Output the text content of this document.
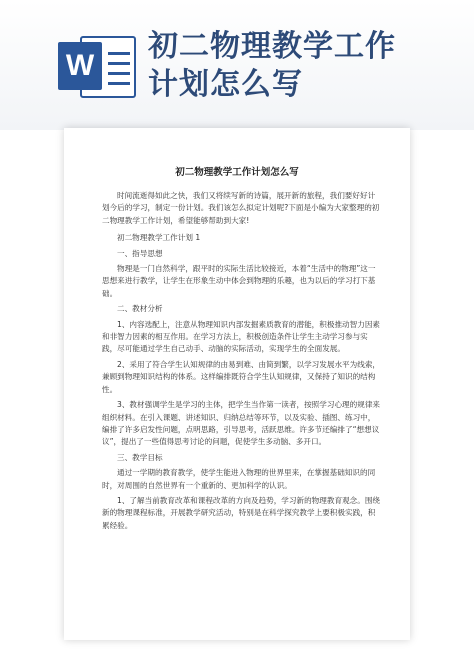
W
初二物理教学工作
计划怎么写
初二物理教学工作计划怎么写

时间流逝得如此之快，我们又将续写新的诗篇，展开新的旅程，我们要好好计划今后的学习，制定一份计划。我们该怎么拟定计划呢?下面是小编为大家整理的初二物理教学工作计划，希望能够帮助到大家!

初二物理教学工作计划 1

一、指导思想

物理是一门自然科学，跟平时的实际生活比较接近，本着“生活中的物理”这一思想来进行教学，让学生在形象生动中体会到物理的乐趣，也为以后的学习打下基础。

二、教材分析

1、内容选配上，注意从物理知识内部发掘素质教育的潜能，积极推动智力因素和非智力因素的相互作用。在学习方法上，积极创造条件让学生主动学习参与实践，尽可能通过学生自己动手、动脑的实际活动，实现学生的全面发展。

2、采用了符合学生认知规律的由易到难、由简到繁，以学习发展水平为线索，兼顾到物理知识结构的体系。这样编排既符合学生认知规律，又保持了知识的结构性。

3、教材强调学生是学习的主体，把学生当作第一读者，按照学习心理的规律来组织材料。在引入课题、讲述知识、归纳总结等环节，以及实验、插图、练习中，编排了许多启发性问题，点明思路，引导思考，活跃思维。许多节还编排了“想想议议”，提出了一些值得思考讨论的问题，促使学生多动脑、多开口。

三、教学目标

通过一学期的教育教学，使学生能进入物理的世界里来，在掌握基础知识的同时，对周围的自然世界有一个重新的、更加科学的认识。

1、了解当前教育改革和课程改革的方向及趋势，学习新的物理教育观念。围绕新的物理课程标准，开展教学研究活动，特别是在科学探究教学上要积极实践，积累经验。
